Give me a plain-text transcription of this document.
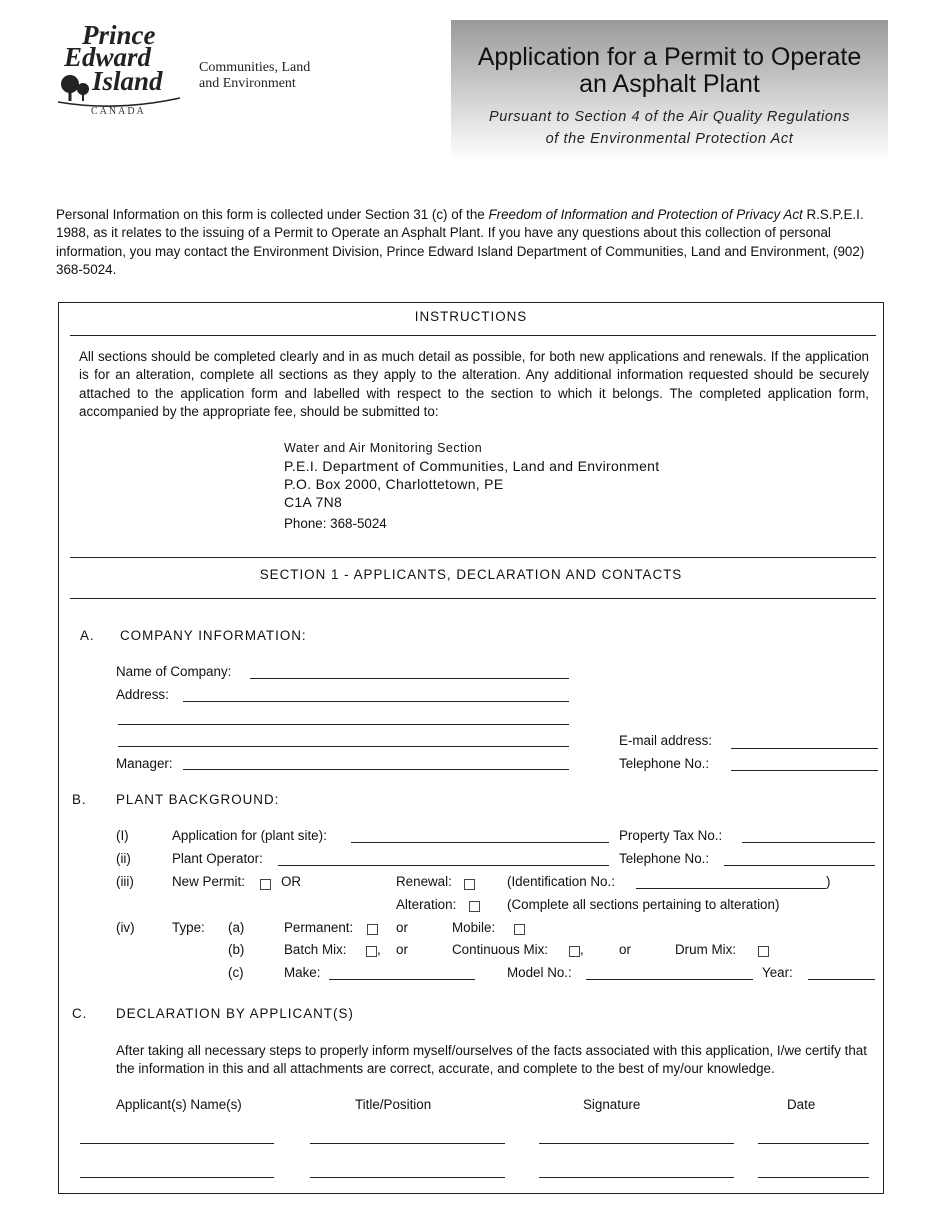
Prince
Edward
Island
CANADA
Communities, Land
and Environment
Application for a Permit to Operate
an Asphalt Plant
Pursuant to Section 4 of the Air Quality Regulations
of the Environmental Protection Act
Personal Information on this form is collected under Section 31 (c) of the Freedom of Information and Protection of Privacy Act R.S.P.E.I. 1988, as it relates to the issuing of a Permit to Operate an Asphalt Plant. If you have any questions about this collection of personal information, you may contact the Environment Division, Prince Edward Island Department of Communities, Land and Environment, (902) 368-5024.
INSTRUCTIONS
All sections should be completed clearly and in as much detail as possible, for both new applications and renewals. If the application is for an alteration, complete all sections as they apply to the alteration. Any additional information requested should be securely attached to the application form and labelled with respect to the section to which it belongs. The completed application form, accompanied by the appropriate fee, should be submitted to:
Water and Air Monitoring Section
P.E.I. Department of Communities, Land and Environment
P.O. Box 2000, Charlottetown, PE
C1A 7N8
Phone: 368-5024
SECTION 1 - APPLICANTS, DECLARATION AND CONTACTS
A. COMPANY INFORMATION:
Name of Company:
Address:
E-mail address:
Manager:	Telephone No.:
B. PLANT BACKGROUND:
(I)	Application for (plant site):	Property Tax No.:
(ii)	Plant Operator:	Telephone No.:
(iii)	New Permit:	OR	Renewal:	(Identification No.:	)
Alteration:	(Complete all sections pertaining to alteration)
(iv)	Type: (a)	Permanent:	or	Mobile:
(b)	Batch Mix: , or	Continuous Mix: ,	or	Drum Mix:
(c)	Make:	Model No.:	Year:
C. DECLARATION BY APPLICANT(S)
After taking all necessary steps to properly inform myself/ourselves of the facts associated with this application, I/we certify that the information in this and all attachments are correct, accurate, and complete to the best of my/our knowledge.
Applicant(s) Name(s)	Title/Position	Signature	Date
